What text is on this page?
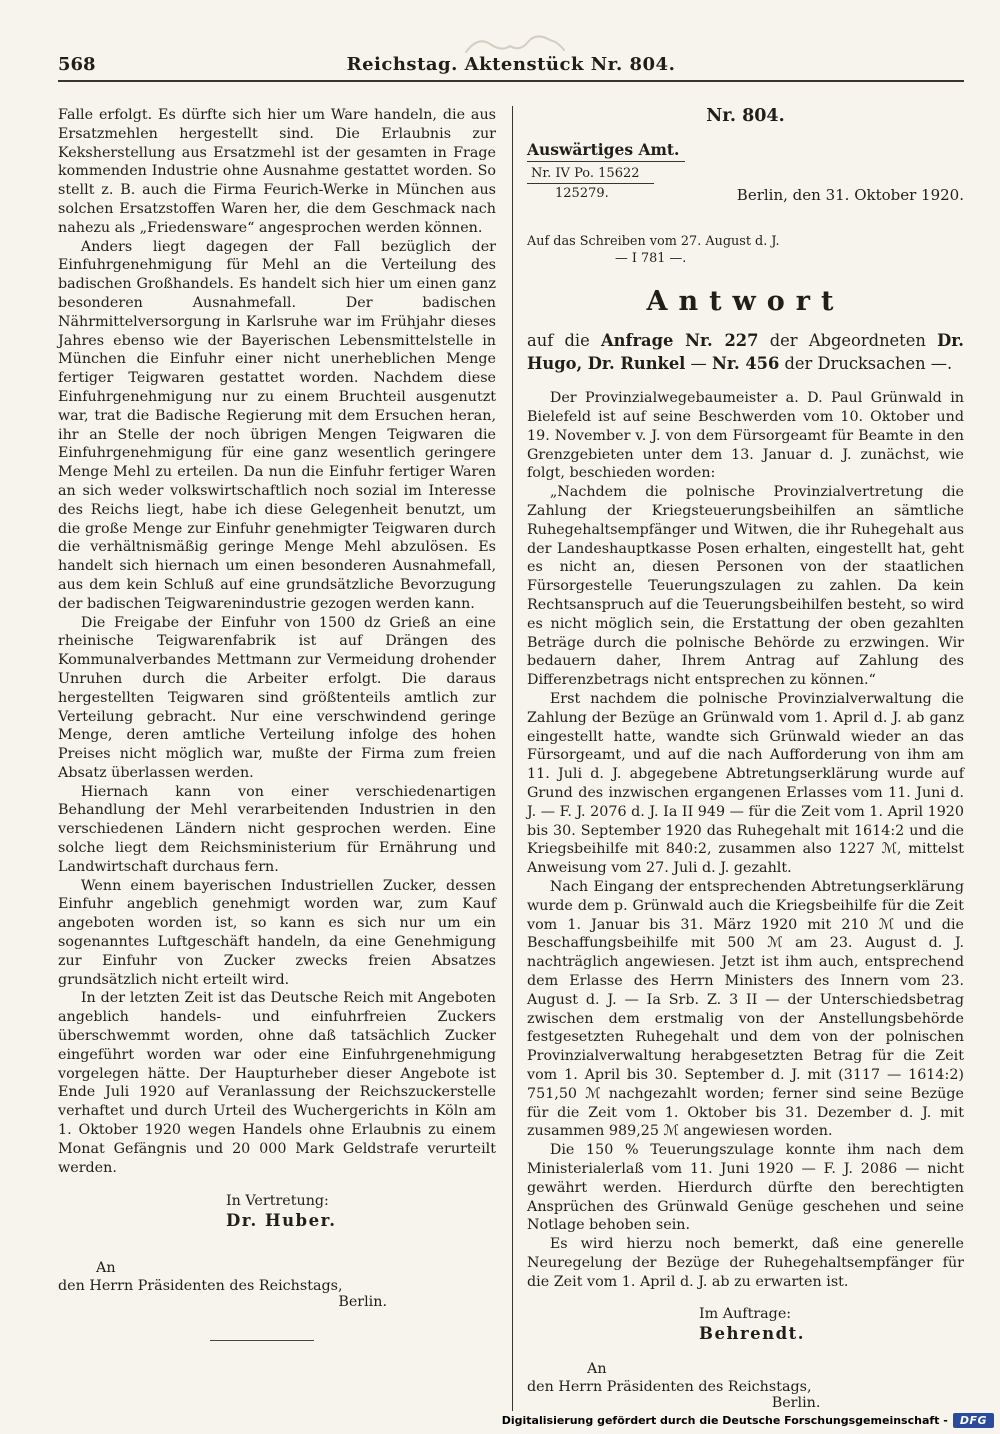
568	Reichstag. Aktenstück Nr. 804.

Falle erfolgt. Es dürfte sich hier um Ware handeln, die aus Ersatzmehlen hergestellt sind. Die Erlaubnis zur Keksherstellung aus Ersatzmehl ist der gesamten in Frage kommenden Industrie ohne Ausnahme gestattet worden. So stellt z. B. auch die Firma Feurich-Werke in München aus solchen Ersatzstoffen Waren her, die dem Geschmack nach nahezu als „Friedensware“ angesprochen werden können.

Anders liegt dagegen der Fall bezüglich der Einfuhrgenehmigung für Mehl an die Verteilung des badischen Großhandels. Es handelt sich hier um einen ganz besonderen Ausnahmefall. Der badischen Nährmittelversorgung in Karlsruhe war im Frühjahr dieses Jahres ebenso wie der Bayerischen Lebensmittelstelle in München die Einfuhr einer nicht unerheblichen Menge fertiger Teigwaren gestattet worden. Nachdem diese Einfuhrgenehmigung nur zu einem Bruchteil ausgenutzt war, trat die Badische Regierung mit dem Ersuchen heran, ihr an Stelle der noch übrigen Mengen Teigwaren die Einfuhrgenehmigung für eine ganz wesentlich geringere Menge Mehl zu erteilen. Da nun die Einfuhr fertiger Waren an sich weder volkswirtschaftlich noch sozial im Interesse des Reichs liegt, habe ich diese Gelegenheit benutzt, um die große Menge zur Einfuhr genehmigter Teigwaren durch die verhältnismäßig geringe Menge Mehl abzulösen. Es handelt sich hiernach um einen besonderen Ausnahmefall, aus dem kein Schluß auf eine grundsätzliche Bevorzugung der badischen Teigwarenindustrie gezogen werden kann.

Die Freigabe der Einfuhr von 1500 dz Grieß an eine rheinische Teigwarenfabrik ist auf Drängen des Kommunalverbandes Mettmann zur Vermeidung drohender Unruhen durch die Arbeiter erfolgt. Die daraus hergestellten Teigwaren sind größtenteils amtlich zur Verteilung gebracht. Nur eine verschwindend geringe Menge, deren amtliche Verteilung infolge des hohen Preises nicht möglich war, mußte der Firma zum freien Absatz überlassen werden.

Hiernach kann von einer verschiedenartigen Behandlung der Mehl verarbeitenden Industrien in den verschiedenen Ländern nicht gesprochen werden. Eine solche liegt dem Reichsministerium für Ernährung und Landwirtschaft durchaus fern.

Wenn einem bayerischen Industriellen Zucker, dessen Einfuhr angeblich genehmigt worden war, zum Kauf angeboten worden ist, so kann es sich nur um ein sogenanntes Luftgeschäft handeln, da eine Genehmigung zur Einfuhr von Zucker zwecks freien Absatzes grundsätzlich nicht erteilt wird.

In der letzten Zeit ist das Deutsche Reich mit Angeboten angeblich handels- und einfuhrfreien Zuckers überschwemmt worden, ohne daß tatsächlich Zucker eingeführt worden war oder eine Einfuhrgenehmigung vorgelegen hätte. Der Haupturheber dieser Angebote ist Ende Juli 1920 auf Veranlassung der Reichszuckerstelle verhaftet und durch Urteil des Wuchergerichts in Köln am 1. Oktober 1920 wegen Handels ohne Erlaubnis zu einem Monat Gefängnis und 20 000 Mark Geldstrafe verurteilt werden.

In Vertretung:
Dr. Huber.
An
den Herrn Präsidenten des Reichstags,
Berlin.
Nr. 804.
Auswärtiges Amt.
Nr. IV Po. 15622
125279.	Berlin, den 31. Oktober 1920.
Auf das Schreiben vom 27. August d. J.
— I 781 —.
Antwort

auf die Anfrage Nr. 227 der Abgeordneten Dr. Hugo, Dr. Runkel — Nr. 456 der Drucksachen —.

Der Provinzialwegebaumeister a. D. Paul Grünwald in Bielefeld ist auf seine Beschwerden vom 10. Oktober und 19. November v. J. von dem Fürsorgeamt für Beamte in den Grenzgebieten unter dem 13. Januar d. J. zunächst, wie folgt, beschieden worden:

„Nachdem die polnische Provinzialvertretung die Zahlung der Kriegsteuerungsbeihilfen an sämtliche Ruhegehaltsempfänger und Witwen, die ihr Ruhegehalt aus der Landeshauptkasse Posen erhalten, eingestellt hat, geht es nicht an, diesen Personen von der staatlichen Fürsorgestelle Teuerungszulagen zu zahlen. Da kein Rechtsanspruch auf die Teuerungsbeihilfen besteht, so wird es nicht möglich sein, die Erstattung der oben gezahlten Beträge durch die polnische Behörde zu erzwingen. Wir bedauern daher, Ihrem Antrag auf Zahlung des Differenzbetrags nicht entsprechen zu können.“

Erst nachdem die polnische Provinzialverwaltung die Zahlung der Bezüge an Grünwald vom 1. April d. J. ab ganz eingestellt hatte, wandte sich Grünwald wieder an das Fürsorgeamt, und auf die nach Aufforderung von ihm am 11. Juli d. J. abgegebene Abtretungserklärung wurde auf Grund des inzwischen ergangenen Erlasses vom 11. Juni d. J. — F. J. 2076 d. J. Ia II 949 — für die Zeit vom 1. April 1920 bis 30. September 1920 das Ruhegehalt mit 1614:2 und die Kriegsbeihilfe mit 840:2, zusammen also 1227 ℳ, mittelst Anweisung vom 27. Juli d. J. gezahlt.

Nach Eingang der entsprechenden Abtretungserklärung wurde dem p. Grünwald auch die Kriegsbeihilfe für die Zeit vom 1. Januar bis 31. März 1920 mit 210 ℳ und die Beschaffungsbeihilfe mit 500 ℳ am 23. August d. J. nachträglich angewiesen. Jetzt ist ihm auch, entsprechend dem Erlasse des Herrn Ministers des Innern vom 23. August d. J. — Ia Srb. Z. 3 II — der Unterschiedsbetrag zwischen dem erstmalig von der Anstellungsbehörde festgesetzten Ruhegehalt und dem von der polnischen Provinzialverwaltung herabgesetzten Betrag für die Zeit vom 1. April bis 30. September d. J. mit (3117 — 1614:2) 751,50 ℳ nachgezahlt worden; ferner sind seine Bezüge für die Zeit vom 1. Oktober bis 31. Dezember d. J. mit zusammen 989,25 ℳ angewiesen worden.

Die 150 % Teuerungszulage konnte ihm nach dem Ministerialerlaß vom 11. Juni 1920 — F. J. 2086 — nicht gewährt werden. Hierdurch dürfte den berechtigten Ansprüchen des Grünwald Genüge geschehen und seine Notlage behoben sein.

Es wird hierzu noch bemerkt, daß eine generelle Neuregelung der Bezüge der Ruhegehaltsempfänger für die Zeit vom 1. April d. J. ab zu erwarten ist.

Im Auftrage:
Behrendt.
An
den Herrn Präsidenten des Reichstags,
Berlin.
Digitalisierung gefördert durch die Deutsche Forschungsgemeinschaft - DFG
